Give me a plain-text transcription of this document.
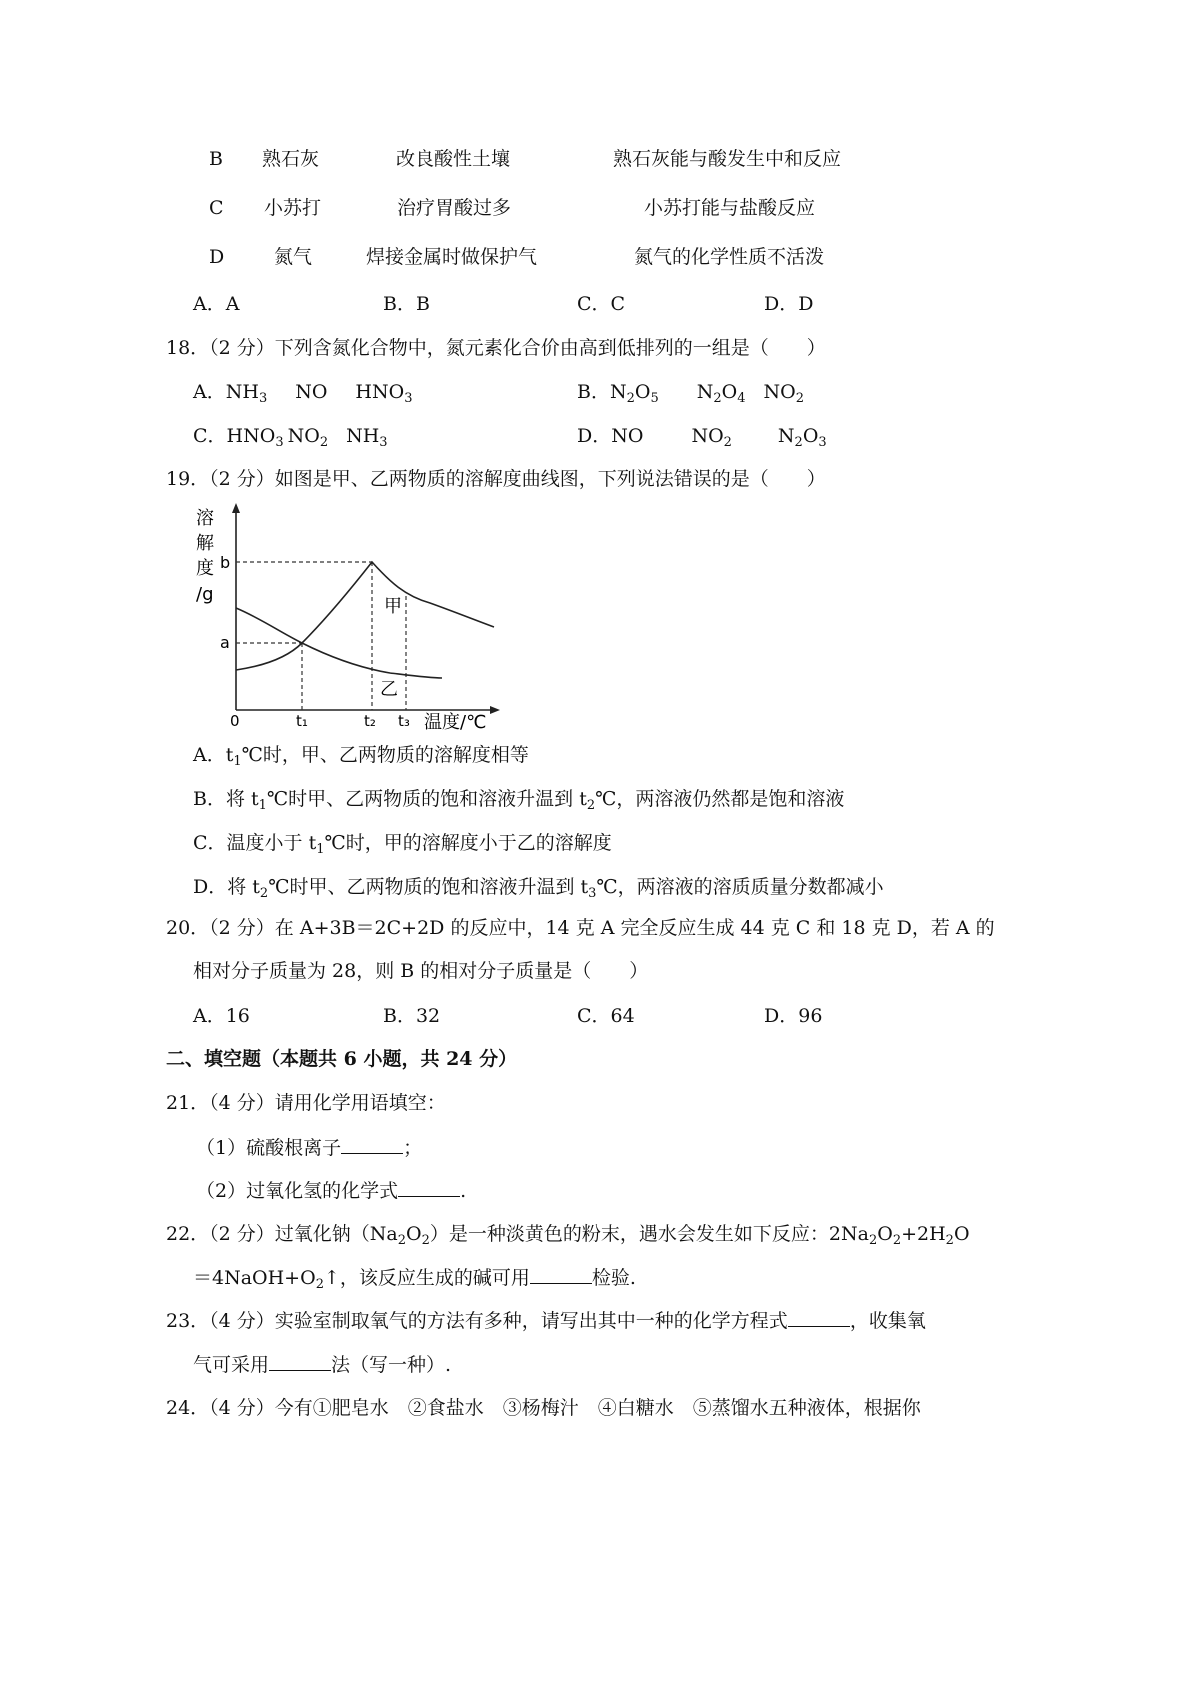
B 熟石灰	改良酸性土壤	熟石灰能与酸发生中和反应
C 小苏打	治疗胃酸过多	小苏打能与盐酸反应
D	氮气	焊接金属时做保护气	氮气的化学性质不活泼
A．A	B．B	C．C	D．D
18．（2 分）下列含氮化合物中，氮元素化合价由高到低排列的一组是（　　）
A．$NH_3$ NO $HNO_3$	B．$N_2O_5$ $N_2O_4$ $NO_2$
C．$HNO_3$ $NO_2$ $NH_3$	D．NO	$NO_2$ $N_2O_3$
19．（2 分）如图是甲、乙两物质的溶解度曲线图，下列说法错误的是（　　）
溶
解
度
/g
b
a
甲
乙
0	t₁	t₂ t₃ 温度/℃
A．$t_1℃$时，甲、乙两物质的溶解度相等
B．将 $t_1℃$时甲、乙两物质的饱和溶液升温到 $t_2℃$，两溶液仍然都是饱和溶液
C．温度小于 $t_1℃$时，甲的溶解度小于乙的溶解度
D．将 $t_2℃$时甲、乙两物质的饱和溶液升温到 $t_3℃$，两溶液的溶质质量分数都减小
20．（2 分）在 A+3B＝2C+2D 的反应中，14 克 A 完全反应生成 44 克 C 和 18 克 D，若 A 的
相对分子质量为 28，则 B 的相对分子质量是（　　）
A．16	B．32	C．64	D．96
二、填空题（本题共 6 小题，共 24 分）
21．（4 分）请用化学用语填空：
（1）硫酸根离子	；
（2）过氧化氢的化学式	.
22．（2 分）过氧化钠$(Na_2O_2)$是一种淡黄色的粉末，遇水会发生如下反应：$2Na_2O_2+2H_2O$
$=4NaOH+O_2↑$，该反应生成的碱可用	检验.
23．（4 分）实验室制取氧气的方法有多种，请写出其中一种的化学方程式	，收集氧
气可采用	法（写一种）.
24．（4 分）今有①肥皂水　②食盐水　③杨梅汁　④白糖水　⑤蒸馏水五种液体，根据你
